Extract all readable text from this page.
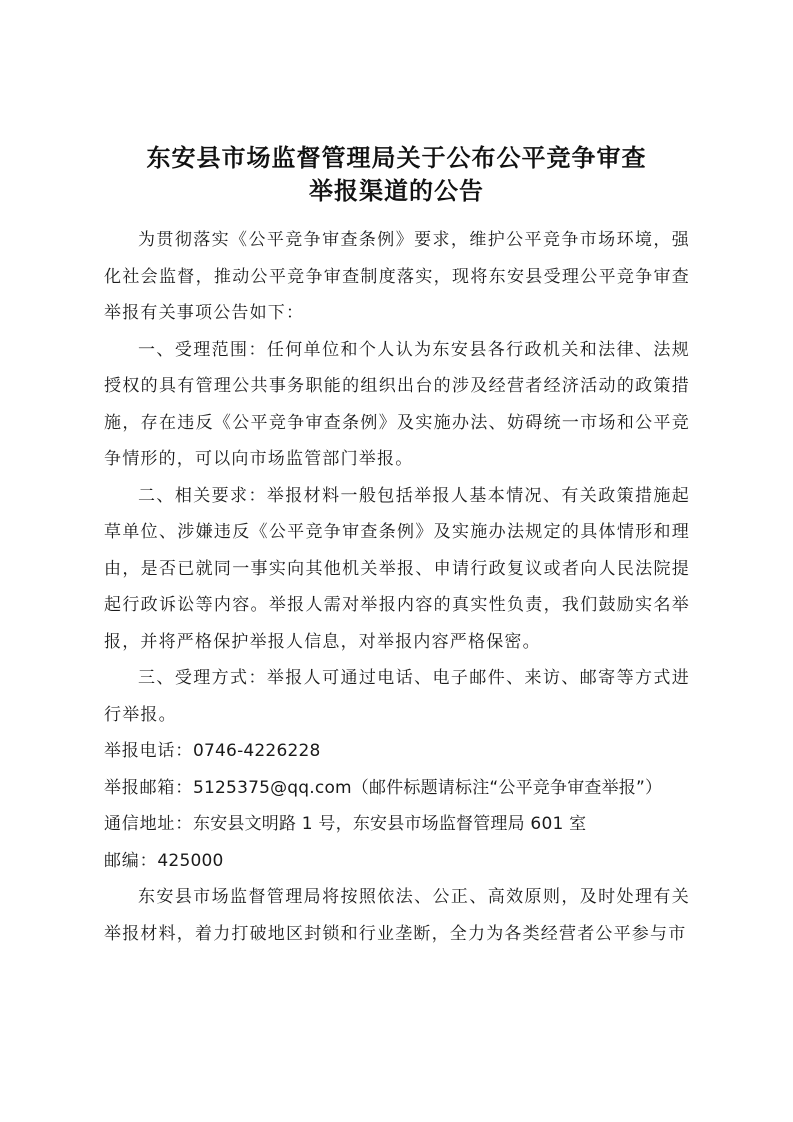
东安县市场监督管理局关于公布公平竞争审查
举报渠道的公告

为贯彻落实《公平竞争审查条例》要求，维护公平竞争市场环境，强化社会监督，推动公平竞争审查制度落实，现将东安县受理公平竞争审查举报有关事项公告如下：

一、受理范围：任何单位和个人认为东安县各行政机关和法律、法规授权的具有管理公共事务职能的组织出台的涉及经营者经济活动的政策措施，存在违反《公平竞争审查条例》及实施办法、妨碍统一市场和公平竞争情形的，可以向市场监管部门举报。

二、相关要求：举报材料一般包括举报人基本情况、有关政策措施起草单位、涉嫌违反《公平竞争审查条例》及实施办法规定的具体情形和理由，是否已就同一事实向其他机关举报、申请行政复议或者向人民法院提起行政诉讼等内容。举报人需对举报内容的真实性负责，我们鼓励实名举报，并将严格保护举报人信息，对举报内容严格保密。

三、受理方式：举报人可通过电话、电子邮件、来访、邮寄等方式进行举报。

举报电话：0746-4226228

举报邮箱：5125375@qq.com（邮件标题请标注“公平竞争审查举报”）

通信地址：东安县文明路 1 号，东安县市场监督管理局 601 室

邮编：425000

东安县市场监督管理局将按照依法、公正、高效原则，及时处理有关举报材料，着力打破地区封锁和行业垄断，全力为各类经营者公平参与市
